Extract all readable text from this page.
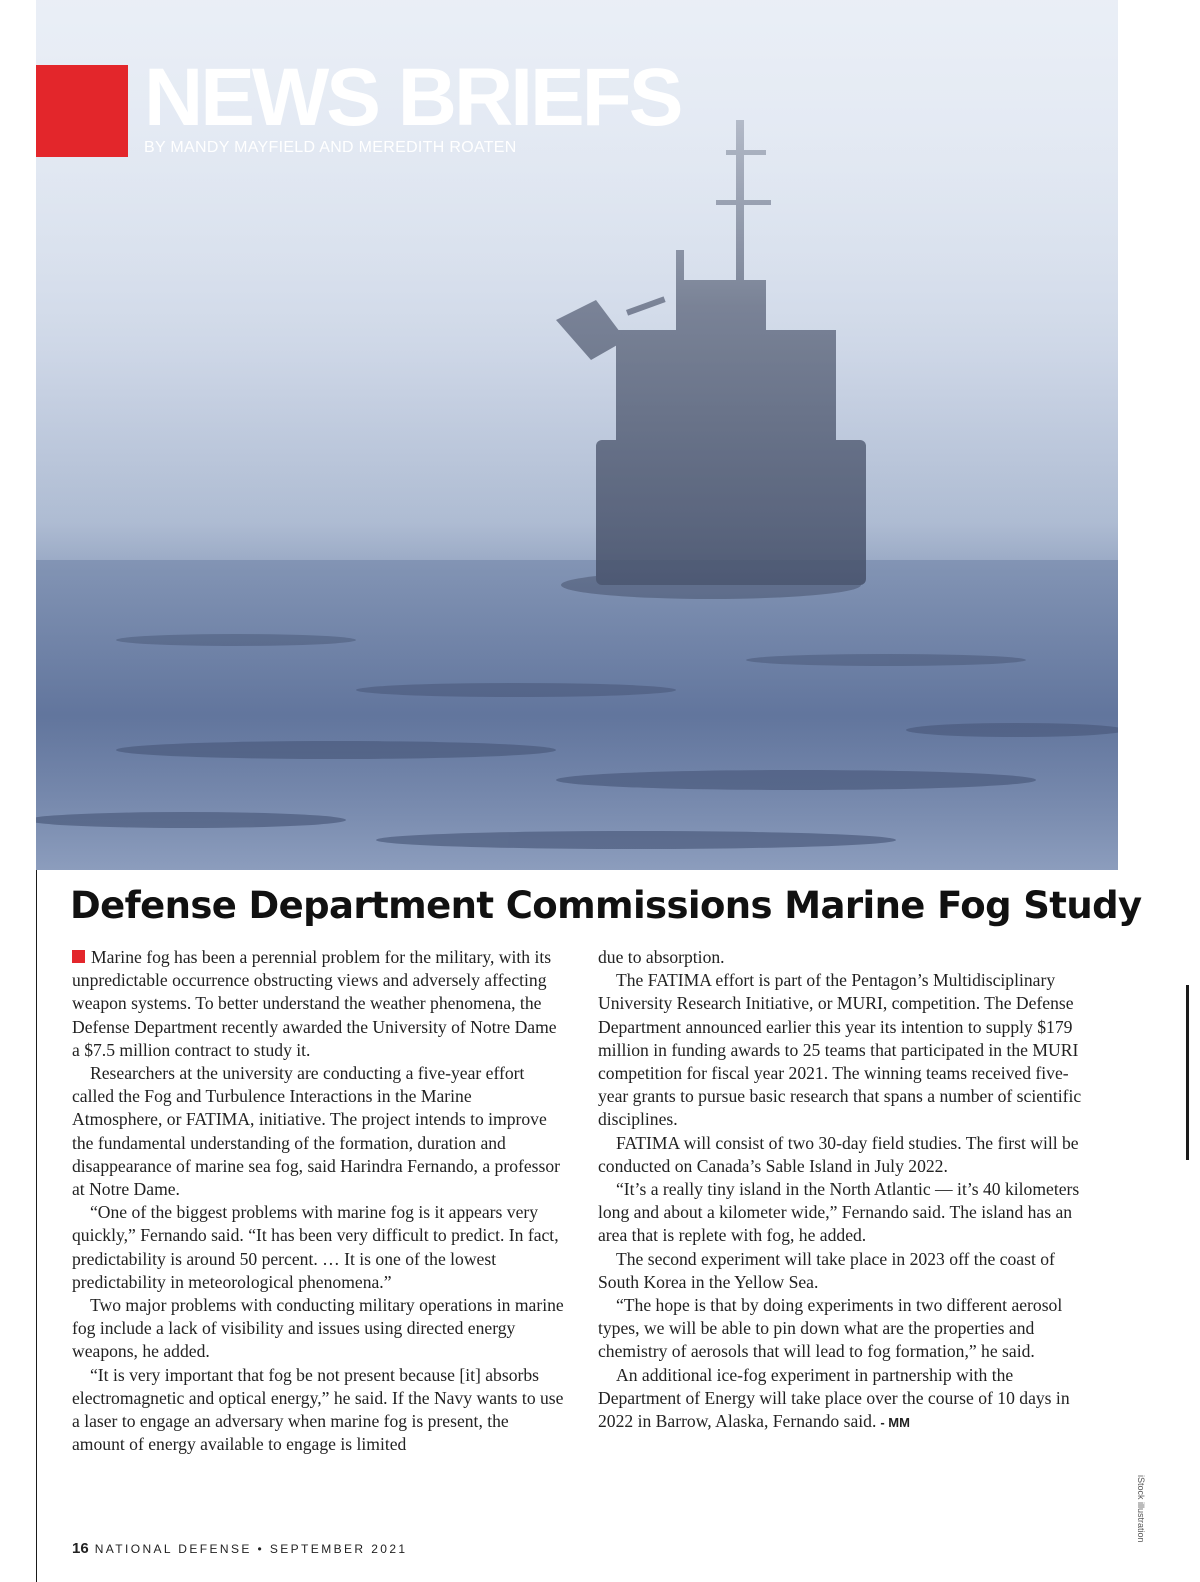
NEWS BRIEFS

BY MANDY MAYFIELD AND MEREDITH ROATEN

Defense Department Commissions Marine Fog Study

Marine fog has been a perennial problem for the military, with its unpredictable occurrence obstructing views and adversely affecting weapon systems. To better understand the weather phenomena, the Defense Department recently awarded the University of Notre Dame a $7.5 million contract to study it.

Researchers at the university are conducting a five-year effort called the Fog and Turbulence Interactions in the Marine Atmosphere, or FATIMA, initiative. The project intends to improve the fundamental understanding of the formation, duration and disappearance of marine sea fog, said Harindra Fernando, a professor at Notre Dame.

“One of the biggest problems with marine fog is it appears very quickly,” Fernando said. “It has been very difficult to predict. In fact, predictability is around 50 percent. … It is one of the lowest predictability in meteorological phenomena.”

Two major problems with conducting military operations in marine fog include a lack of visibility and issues using directed energy weapons, he added.

“It is very important that fog be not present because [it] absorbs electromagnetic and optical energy,” he said. If the Navy wants to use a laser to engage an adversary when marine fog is present, the amount of energy available to engage is limited

due to absorption.

The FATIMA effort is part of the Pentagon’s Multidisciplinary University Research Initiative, or MURI, competition. The Defense Department announced earlier this year its intention to supply $179 million in funding awards to 25 teams that participated in the MURI competition for fiscal year 2021. The winning teams received five-year grants to pursue basic research that spans a number of scientific disciplines.

FATIMA will consist of two 30-day field studies. The first will be conducted on Canada’s Sable Island in July 2022.

“It’s a really tiny island in the North Atlantic — it’s 40 kilometers long and about a kilometer wide,” Fernando said. The island has an area that is replete with fog, he added.

The second experiment will take place in 2023 off the coast of South Korea in the Yellow Sea.

“The hope is that by doing experiments in two different aerosol types, we will be able to pin down what are the properties and chemistry of aerosols that will lead to fog formation,” he said.

An additional ice-fog experiment in partnership with the Department of Energy will take place over the course of 10 days in 2022 in Barrow, Alaska, Fernando said. - MM

iStock illustration

16 NATIONAL DEFENSE • SEPTEMBER 2021
